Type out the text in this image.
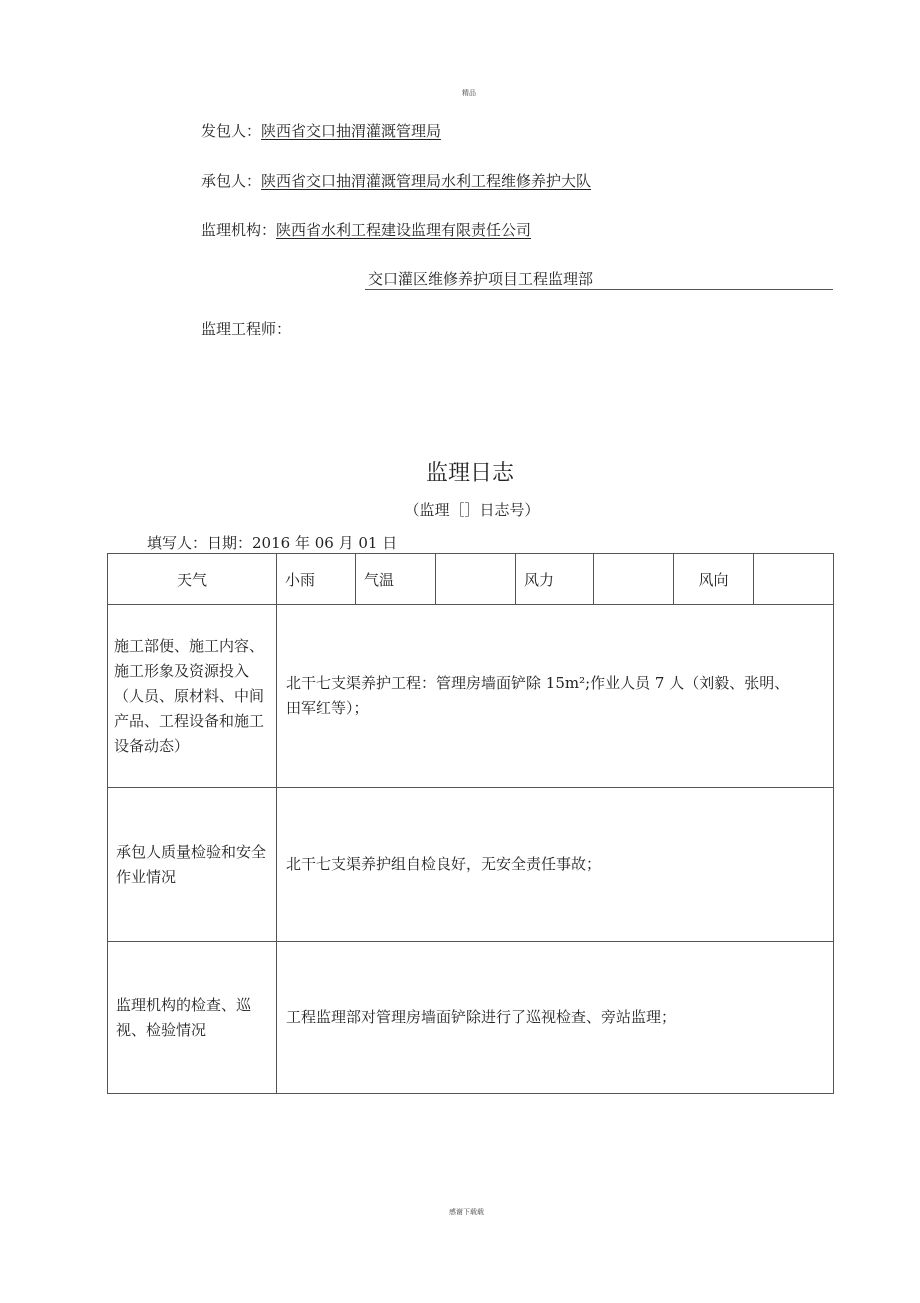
精品
发包人：陕西省交口抽渭灌溉管理局
承包人：陕西省交口抽渭灌溉管理局水利工程维修养护大队
监理机构：陕西省水利工程建设监理有限责任公司
交口灌区维修养护项目工程监理部
监理工程师：
监理日志
（监理［］日志号）
填写人：日期：2016 年 06 月 01 日
天气	小雨	气温		风力		风向	
施工部便、施工内容、施工形象及资源投入（人员、原材料、中间产品、工程设备和施工设备动态）	北干七支渠养护工程：管理房墙面铲除 15m²;作业人员 7 人（刘毅、张明、
田军红等）；						

承包人质量检验和安全作业情况	北干七支渠养护组自检良好，无安全责任事故；						

监理机构的检查、巡视、检验情况	工程监理部对管理房墙面铲除进行了巡视检查、旁站监理；						
感谢下载载
